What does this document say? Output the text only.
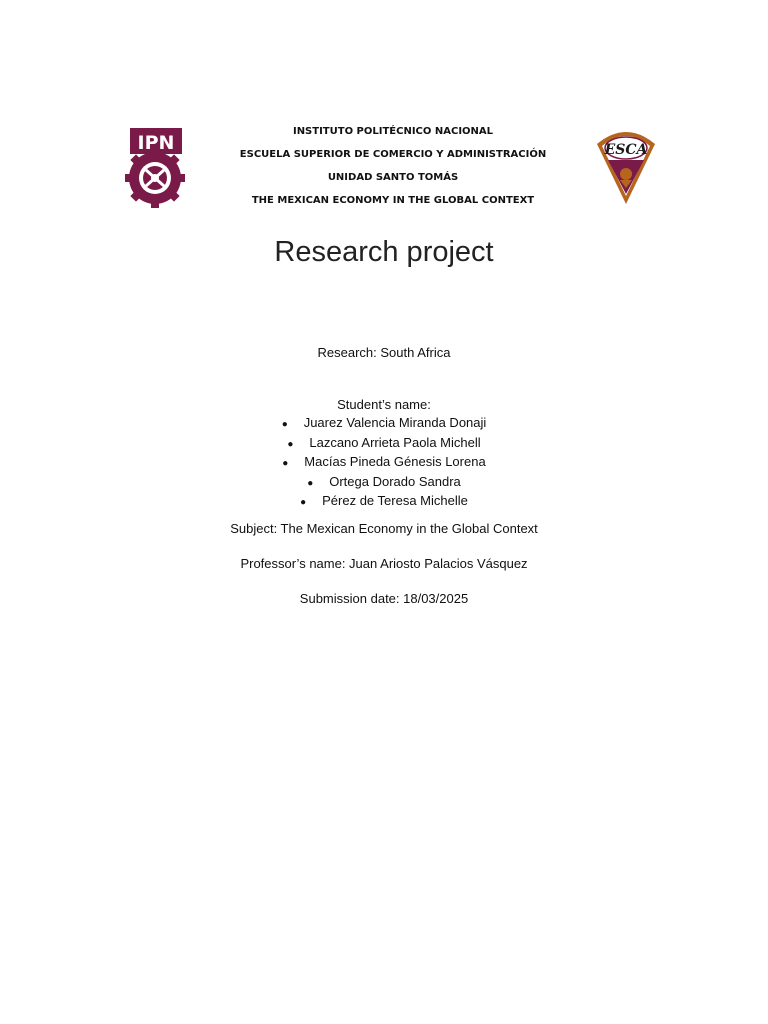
IPN
INSTITUTO POLITÉCNICO NACIONAL
ESCUELA SUPERIOR DE COMERCIO Y ADMINISTRACIÓN
UNIDAD SANTO TOMÁS
THE MEXICAN ECONOMY IN THE GLOBAL CONTEXT
ESCA
Research project
Research: South Africa
Student’s name:
● Juarez Valencia Miranda Donaji
● Lazcano Arrieta Paola Michell
● Macías Pineda Génesis Lorena
● Ortega Dorado Sandra
● Pérez de Teresa Michelle
Subject: The Mexican Economy in the Global Context
Professor’s name: Juan Ariosto Palacios Vásquez
Submission date: 18/03/2025
